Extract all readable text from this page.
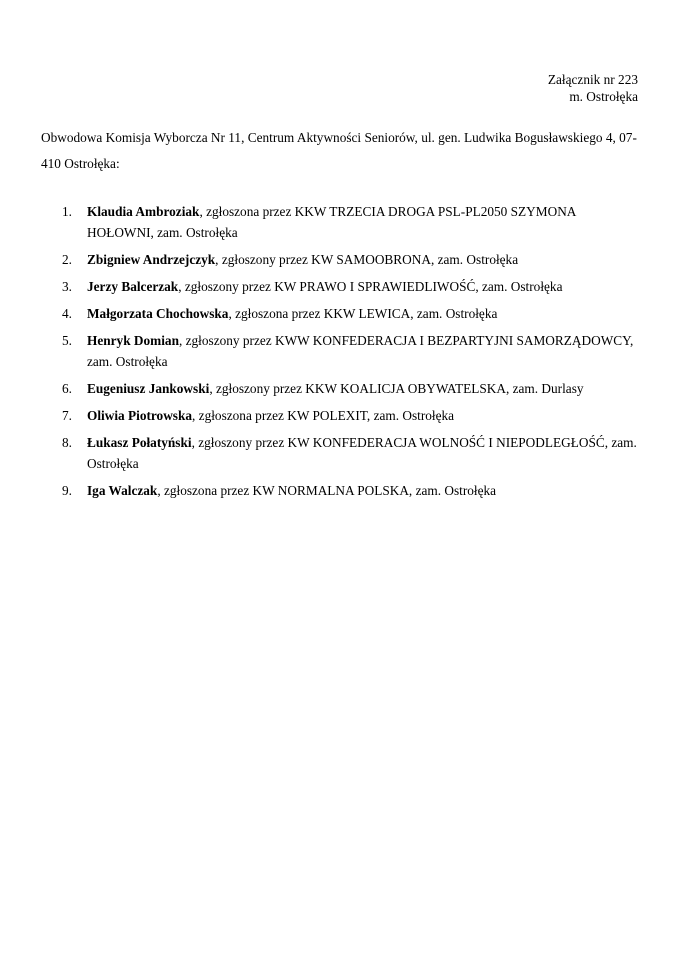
Załącznik nr 223
m. Ostrołęka
Obwodowa Komisja Wyborcza Nr 11, Centrum Aktywności Seniorów, ul. gen. Ludwika Bogusławskiego 4, 07-410 Ostrołęka:
1. Klaudia Ambroziak, zgłoszona przez KKW TRZECIA DROGA PSL-PL2050 SZYMONA HOŁOWNI, zam. Ostrołęka
2. Zbigniew Andrzejczyk, zgłoszony przez KW SAMOOBRONA, zam. Ostrołęka
3. Jerzy Balcerzak, zgłoszony przez KW PRAWO I SPRAWIEDLIWOŚĆ, zam. Ostrołęka
4. Małgorzata Chochowska, zgłoszona przez KKW LEWICA, zam. Ostrołęka
5. Henryk Domian, zgłoszony przez KWW KONFEDERACJA I BEZPARTYJNI SAMORZĄDOWCY, zam. Ostrołęka
6. Eugeniusz Jankowski, zgłoszony przez KKW KOALICJA OBYWATELSKA, zam. Durlasy
7. Oliwia Piotrowska, zgłoszona przez KW POLEXIT, zam. Ostrołęka
8. Łukasz Połatyński, zgłoszony przez KW KONFEDERACJA WOLNOŚĆ I NIEPODLEGŁOŚĆ, zam. Ostrołęka
9. Iga Walczak, zgłoszona przez KW NORMALNA POLSKA, zam. Ostrołęka
